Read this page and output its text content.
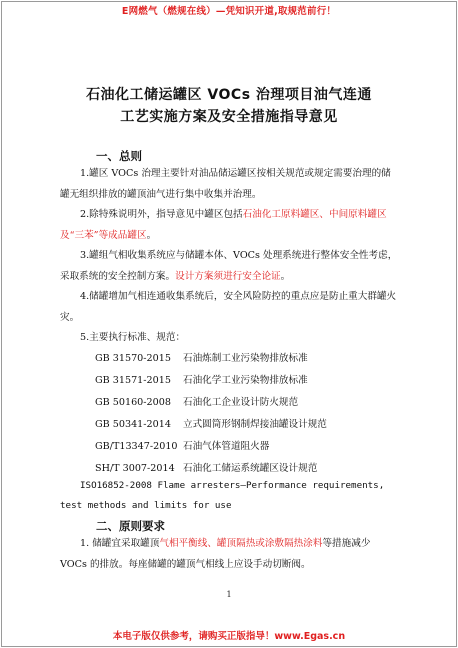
E网燃气（燃规在线）—凭知识开道,取规范前行！
石油化工储运罐区 VOCs 治理项目油气连通
工艺实施方案及安全措施指导意见
一、总则
1.罐区 VOCs 治理主要针对油品储运罐区按相关规范或规定需要治理的储罐无组织排放的罐顶油气进行集中收集并治理。
2.除特殊说明外，指导意见中罐区包括石油化工原料罐区、中间原料罐区及“三苯”等成品罐区。
3.罐组气相收集系统应与储罐本体、VOCs 处理系统进行整体安全性考虑，采取系统的安全控制方案。设计方案须进行安全论证。
4.储罐增加气相连通收集系统后，安全风险防控的重点应是防止重大群罐火灾。
5.主要执行标准、规范：
GB 31570-2015 石油炼制工业污染物排放标准
GB 31571-2015 石油化学工业污染物排放标准
GB 50160-2008 石油化工企业设计防火规范
GB 50341-2014 立式圆筒形钢制焊接油罐设计规范
GB/T13347-2010 石油气体管道阻火器
SH/T 3007-2014 石油化工储运系统罐区设计规范
ISO16852-2008 Flame arresters—Performance requirements, test methods and limits for use
二、原则要求
1. 储罐宜采取罐顶气相平衡线、罐顶隔热或涂敷隔热涂料等措施减少 VOCs 的排放。每座储罐的罐顶气相线上应设手动切断阀。
1
本电子版仅供参考，请购买正版指导！www.Egas.cn
